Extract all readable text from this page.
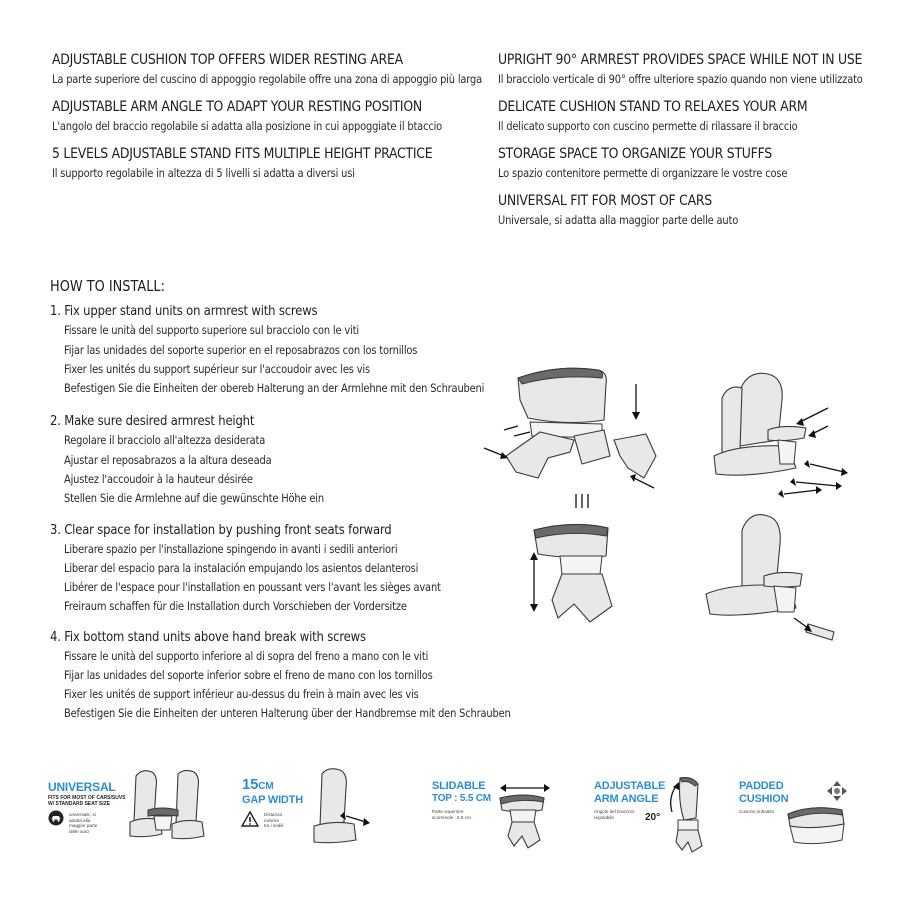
ADJUSTABLE CUSHION TOP OFFERS WIDER RESTING AREA
La parte superiore del cuscino di appoggio regolabile offre una zona di appoggio più larga
ADJUSTABLE ARM ANGLE TO ADAPT YOUR RESTING POSITION
L'angolo del braccio regolabile si adatta alla posizione in cui appoggiate il btaccio
5 LEVELS ADJUSTABLE STAND FITS MULTIPLE HEIGHT PRACTICE
Il supporto regolabile in altezza di 5 livelli si adatta a diversi usi
UPRIGHT 90° ARMREST PROVIDES SPACE WHILE NOT IN USE
Il bracciolo verticale di 90° offre ulteriore spazio quando non viene utilizzato
DELICATE CUSHION STAND TO RELAXES YOUR ARM
Il delicato supporto con cuscino permette di rilassare il braccio
STORAGE SPACE TO ORGANIZE YOUR STUFFS
Lo spazio contenitore permette di organizzare le vostre cose
UNIVERSAL FIT FOR MOST OF CARS
Universale, si adatta alla maggior parte delle auto
HOW TO INSTALL:
1. Fix upper stand units on armrest with screws
Fissare le unità del supporto superiore sul bracciolo con le viti
Fijar las unidades del soporte superior en el reposabrazos con los tornillos
Fixer les unités du support supérieur sur l'accoudoir avec les vis
Befestigen Sie die Einheiten der obereb Halterung an der Armlehne mit den Schraubeni
2. Make sure desired armrest height
Regolare il bracciolo all'altezza desiderata
Ajustar el reposabrazos a la altura deseada
Ajustez l'accoudoir à la hauteur désirée
Stellen Sie die Armlehne auf die gewünschte Höhe ein
3. Clear space for installation by pushing front seats forward
Liberare spazio per l'installazione spingendo in avanti i sedili anteriori
Liberar del espacio para la instalación empujando los asientos delanterosi
Libérer de l'espace pour l'installation en poussant vers l'avant les sièges avant
Freiraum schaffen für die Installation durch Vorschieben der Vordersitze
4. Fix bottom stand units above hand break with screws
Fissare le unità del supporto inferiore al di sopra del freno a mano con le viti
Fijar las unidades del soporte inferior sobre el freno de mano con los tornillos
Fixer les unités de support inférieur au-dessus du frein à main avec les vis
Befestigen Sie die Einheiten der unteren Halterung über der Handbremse mit den Schrauben
UNIVERSAL
FITS FOR MOST OF CARS/SUVS
W/ STANDARD SEAT SIZE
universale, si
adatta alla
maggior parte
delle auto
15CM
GAP WIDTH
Distanza
minima
tra i sedili
SLIDABLE
TOP : 5.5 CM
Parte superiore
scorrevole : 5.5 cm
ADJUSTABLE
ARM ANGLE
Angolo del bracccio
regolabile	20°
PADDED
CUSHION
Cuscino imbottito
